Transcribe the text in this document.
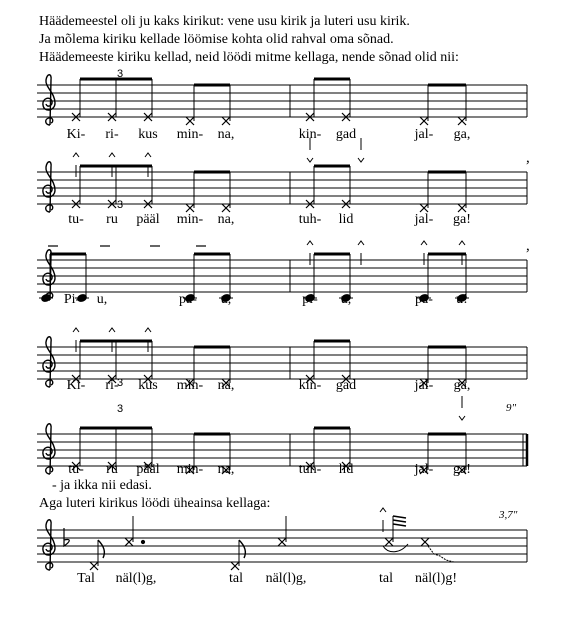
Häädemeestel oli ju kaks kirikut: vene usu kirik ja luteri usu kirik.
Ja mõlema kiriku kellade löömise kohta olid rahval oma sõnad.
Häädemeeste kiriku kellad, neid löödi mitme kellaga, nende sõnad olid nii:
3
3
3
3
,
,
Ki- ri- kus min- na,	kin- gad	jal- ga,
tu- ru pääl min- na,	tuh- lid	jal- ga!
Pi- u,	pa- u,	pi- u,	pa- u!
Ki- ri- kus min- na,	kin- gad	jal- ga,
tu- ru pääl min- na,	tuh- lid	jal- ga!
Tal näl(l)g,	tal näl(l)g,	tal näl(l)g!
9"
3,7"
- ja ikka nii edasi.
Aga luteri kirikus löödi üheainsa kellaga:
